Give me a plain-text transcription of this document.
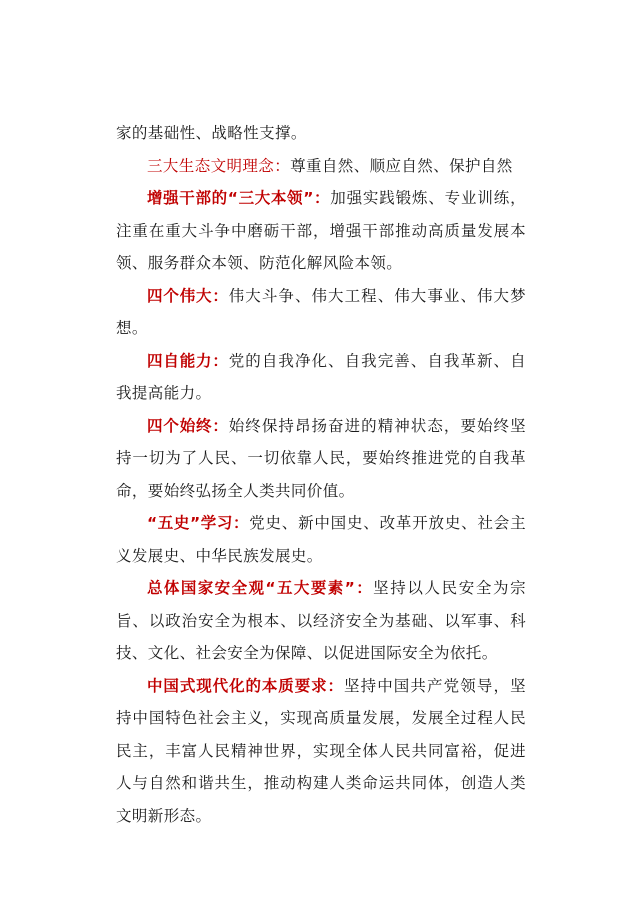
家的基础性、战略性支撑。

三大生态文明理念：尊重自然、顺应自然、保护自然

增强干部的“三大本领”：加强实践锻炼、专业训练，注重在重大斗争中磨砺干部，增强干部推动高质量发展本领、服务群众本领、防范化解风险本领。

四个伟大：伟大斗争、伟大工程、伟大事业、伟大梦想。

四自能力：党的自我净化、自我完善、自我革新、自我提高能力。

四个始终：始终保持昂扬奋进的精神状态，要始终坚持一切为了人民、一切依靠人民，要始终推进党的自我革命，要始终弘扬全人类共同价值。

“五史”学习：党史、新中国史、改革开放史、社会主义发展史、中华民族发展史。

总体国家安全观“五大要素”：坚持以人民安全为宗旨、以政治安全为根本、以经济安全为基础、以军事、科技、文化、社会安全为保障、以促进国际安全为依托。

中国式现代化的本质要求：坚持中国共产党领导，坚持中国特色社会主义，实现高质量发展，发展全过程人民民主，丰富人民精神世界，实现全体人民共同富裕，促进人与自然和谐共生，推动构建人类命运共同体，创造人类文明新形态。
